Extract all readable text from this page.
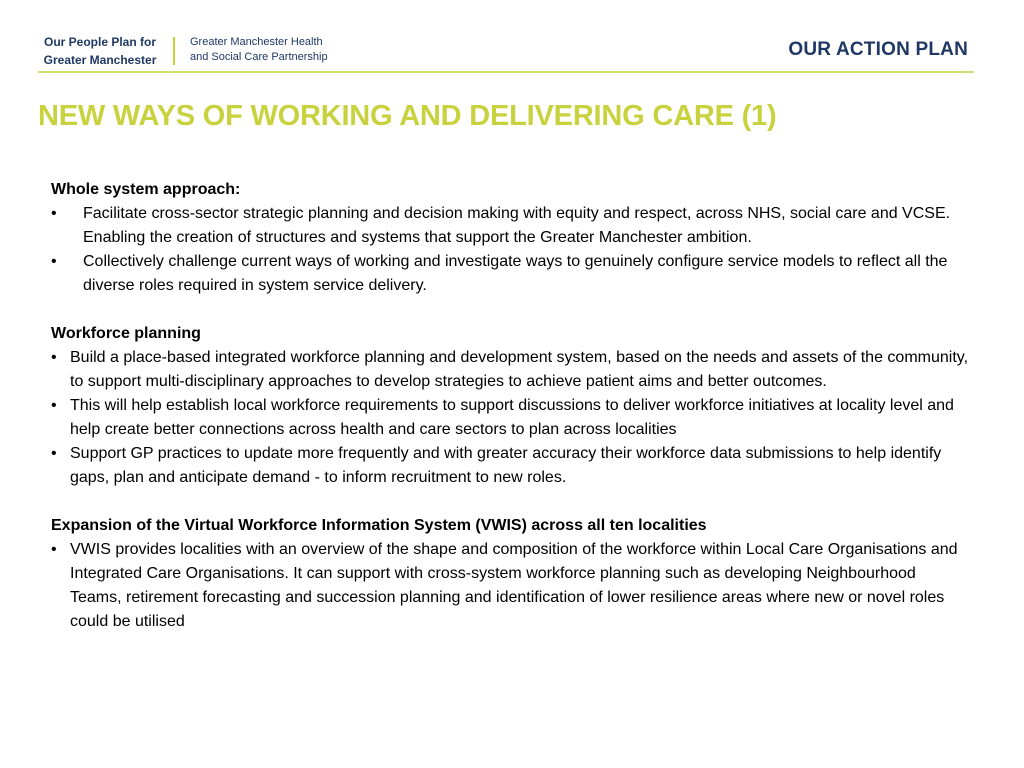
Our People Plan for
Greater Manchester
Greater Manchester Health
and Social Care Partnership	OUR ACTION PLAN
NEW WAYS OF WORKING AND DELIVERING CARE (1)
Whole system approach:
• Facilitate cross-sector strategic planning and decision making with equity and respect, across NHS, social care and VCSE. Enabling the creation of structures and systems that support the Greater Manchester ambition.
• Collectively challenge current ways of working and investigate ways to genuinely configure service models to reflect all the diverse roles required in system service delivery.
Workforce planning
• Build a place-based integrated workforce planning and development system, based on the needs and assets of the community, to support multi-disciplinary approaches to develop strategies to achieve patient aims and better outcomes.
• This will help establish local workforce requirements to support discussions to deliver workforce initiatives at locality level and help create better connections across health and care sectors to plan across localities
• Support GP practices to update more frequently and with greater accuracy their workforce data submissions to help identify gaps, plan and anticipate demand - to inform recruitment to new roles.
Expansion of the Virtual Workforce Information System (VWIS) across all ten localities
• VWIS provides localities with an overview of the shape and composition of the workforce within Local Care Organisations and Integrated Care Organisations. It can support with cross-system workforce planning such as developing Neighbourhood Teams, retirement forecasting and succession planning and identification of lower resilience areas where new or novel roles could be utilised
